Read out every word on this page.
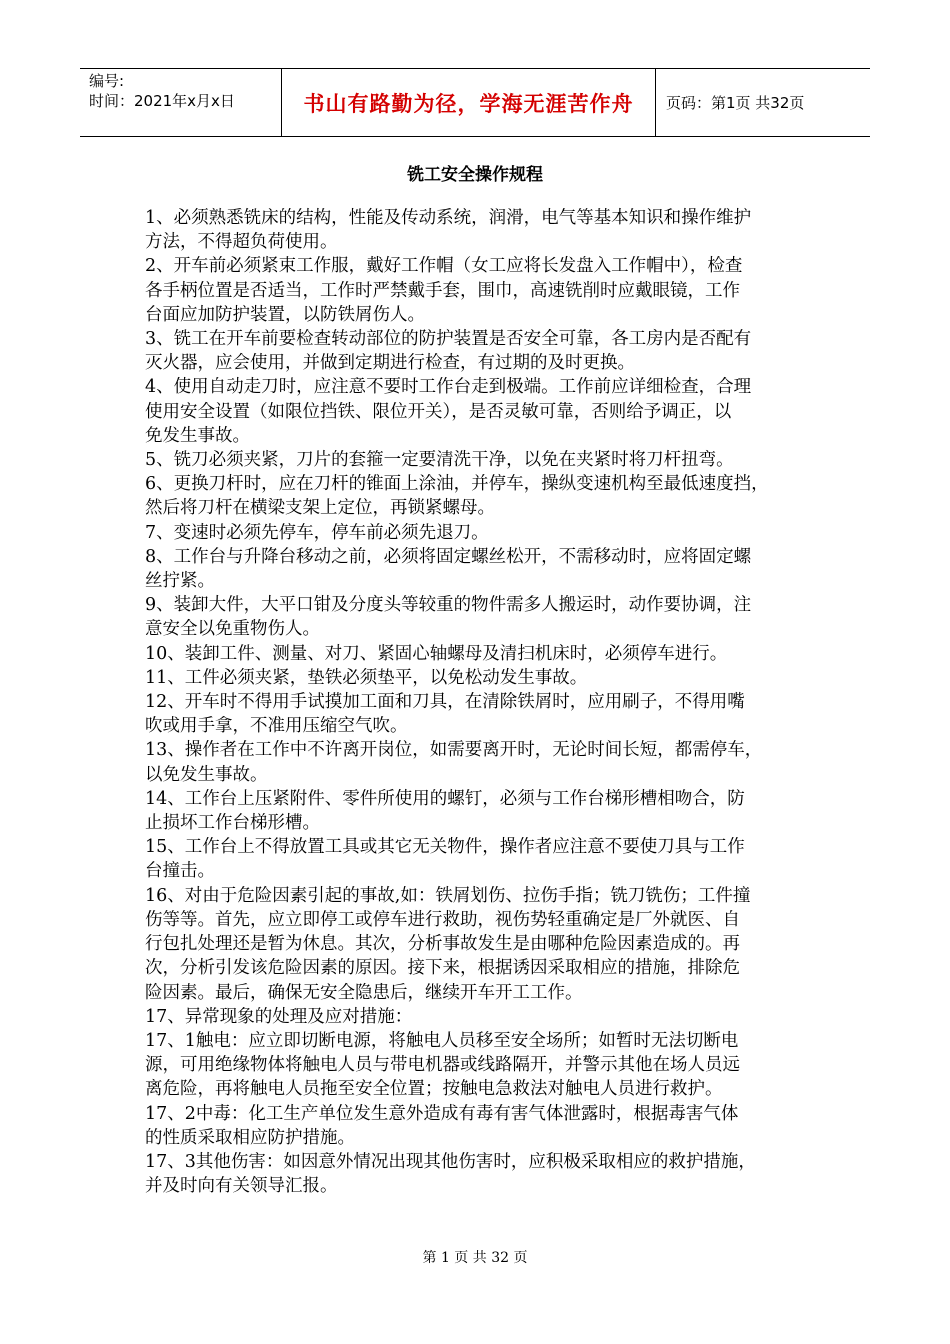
编号:
时间：2021年x月x日	书山有路勤为径，学海无涯苦作舟	页码：第1页 共32页
铣工安全操作规程

1、必须熟悉铣床的结构，性能及传动系统，润滑，电气等基本知识和操作维护

方法，不得超负荷使用。

2、开车前必须紧束工作服，戴好工作帽（女工应将长发盘入工作帽中），检查

各手柄位置是否适当，工作时严禁戴手套，围巾，高速铣削时应戴眼镜，工作

台面应加防护装置，以防铁屑伤人。

3、铣工在开车前要检查转动部位的防护装置是否安全可靠，各工房内是否配有

灭火器，应会使用，并做到定期进行检查，有过期的及时更换。

4、使用自动走刀时，应注意不要时工作台走到极端。工作前应详细检查，合理

使用安全设置（如限位挡铁、限位开关），是否灵敏可靠，否则给予调正，以

免发生事故。

5、铣刀必须夹紧，刀片的套箍一定要清洗干净，以免在夹紧时将刀杆扭弯。

6、更换刀杆时，应在刀杆的锥面上涂油，并停车，操纵变速机构至最低速度挡，

然后将刀杆在横梁支架上定位，再锁紧螺母。

7、变速时必须先停车，停车前必须先退刀。

8、工作台与升降台移动之前，必须将固定螺丝松开，不需移动时，应将固定螺

丝拧紧。

9、装卸大件，大平口钳及分度头等较重的物件需多人搬运时，动作要协调，注

意安全以免重物伤人。

10、装卸工件、测量、对刀、紧固心轴螺母及清扫机床时，必须停车进行。

11、工件必须夹紧，垫铁必须垫平，以免松动发生事故。

12、开车时不得用手试摸加工面和刀具，在清除铁屑时，应用刷子，不得用嘴

吹或用手拿，不准用压缩空气吹。

13、操作者在工作中不许离开岗位，如需要离开时，无论时间长短，都需停车，

以免发生事故。

14、工作台上压紧附件、零件所使用的螺钉，必须与工作台梯形槽相吻合，防

止损坏工作台梯形槽。

15、工作台上不得放置工具或其它无关物件，操作者应注意不要使刀具与工作

台撞击。

16、对由于危险因素引起的事故,如：铁屑划伤、拉伤手指；铣刀铣伤；工件撞

伤等等。首先，应立即停工或停车进行救助，视伤势轻重确定是厂外就医、自

行包扎处理还是暂为休息。其次，分析事故发生是由哪种危险因素造成的。再

次，分析引发该危险因素的原因。接下来，根据诱因采取相应的措施，排除危

险因素。最后，确保无安全隐患后，继续开车开工工作。

17、异常现象的处理及应对措施：

17、1触电：应立即切断电源，将触电人员移至安全场所；如暂时无法切断电

源，可用绝缘物体将触电人员与带电机器或线路隔开，并警示其他在场人员远

离危险，再将触电人员拖至安全位置；按触电急救法对触电人员进行救护。

17、2中毒：化工生产单位发生意外造成有毒有害气体泄露时，根据毒害气体

的性质采取相应防护措施。

17、3其他伤害：如因意外情况出现其他伤害时，应积极采取相应的救护措施，

并及时向有关领导汇报。

第 1 页 共 32 页
